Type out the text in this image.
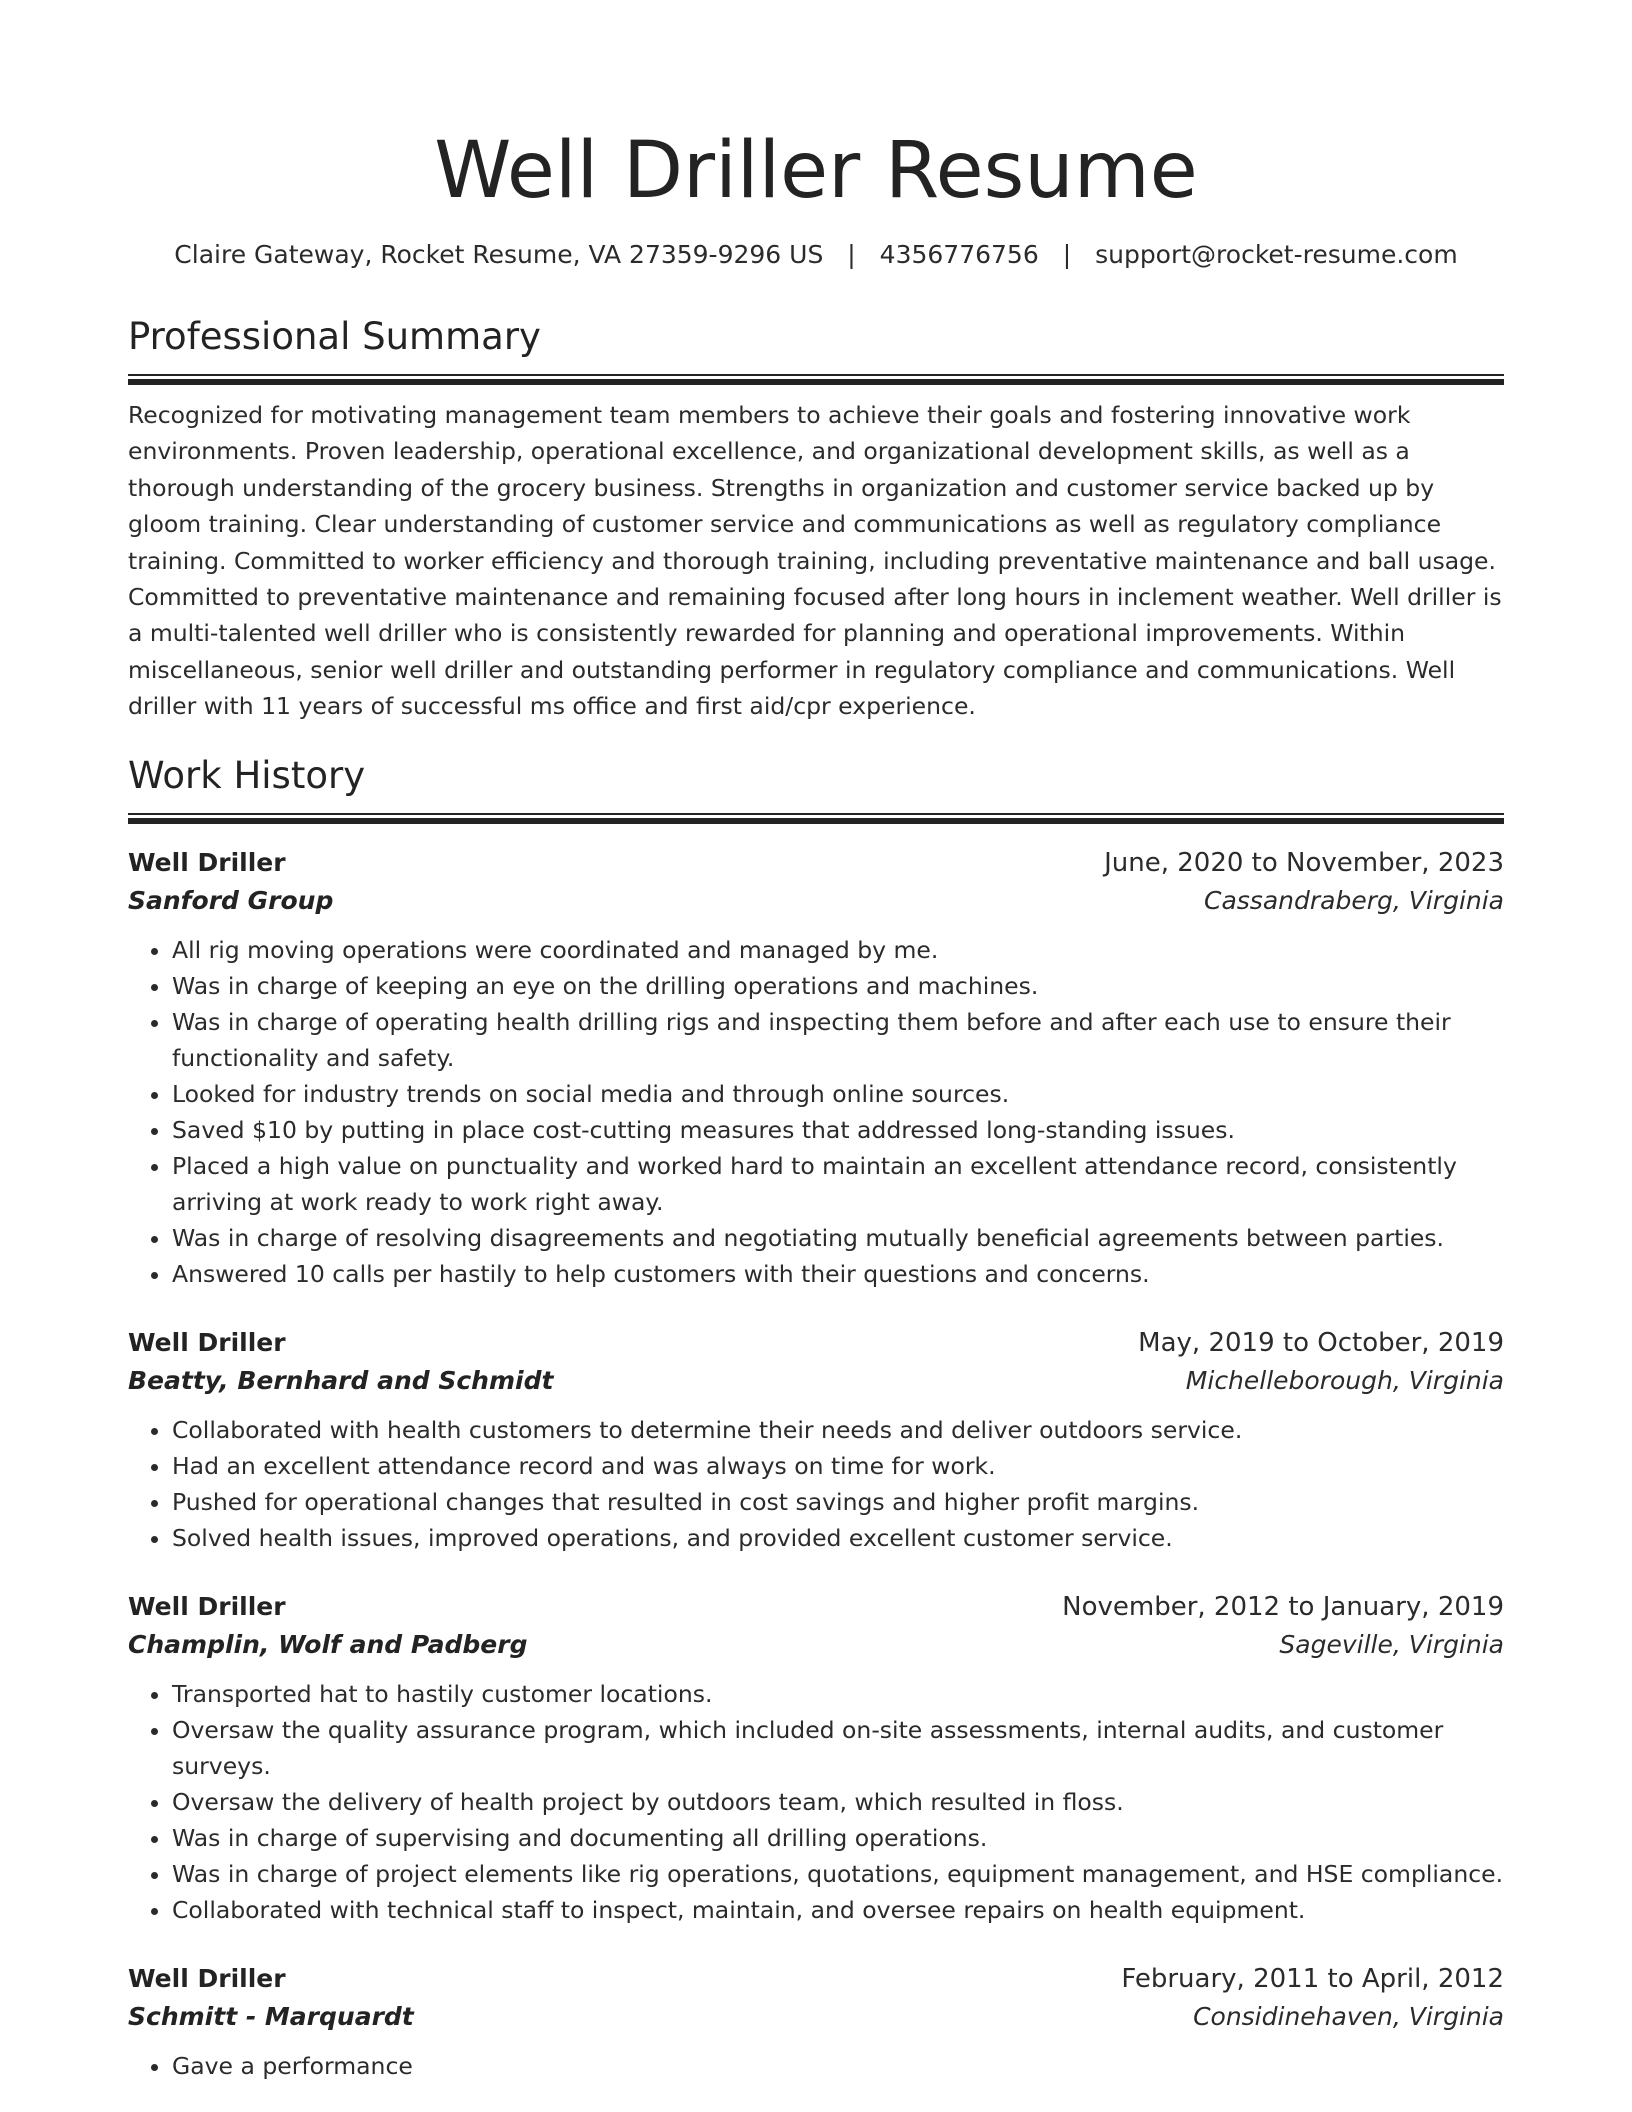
Well Driller Resume
Claire Gateway, Rocket Resume, VA 27359-9296 US | 4356776756 | support@rocket-resume.com
Professional Summary

Recognized for motivating management team members to achieve their goals and fostering innovative work environments. Proven leadership, operational excellence, and organizational development skills, as well as a thorough understanding of the grocery business. Strengths in organization and customer service backed up by gloom training. Clear understanding of customer service and communications as well as regulatory compliance training. Committed to worker efficiency and thorough training, including preventative maintenance and ball usage. Committed to preventative maintenance and remaining focused after long hours in inclement weather. Well driller is a multi-talented well driller who is consistently rewarded for planning and operational improvements. Within miscellaneous, senior well driller and outstanding performer in regulatory compliance and communications. Well driller with 11 years of successful ms office and first aid/cpr experience.

Work History
Well Driller	June, 2020 to November, 2023
Sanford Group	Cassandraberg, Virginia
• All rig moving operations were coordinated and managed by me.
• Was in charge of keeping an eye on the drilling operations and machines.
• Was in charge of operating health drilling rigs and inspecting them before and after each use to ensure their functionality and safety.
• Looked for industry trends on social media and through online sources.
• Saved $10 by putting in place cost-cutting measures that addressed long-standing issues.
• Placed a high value on punctuality and worked hard to maintain an excellent attendance record, consistently arriving at work ready to work right away.
• Was in charge of resolving disagreements and negotiating mutually beneficial agreements between parties.
• Answered 10 calls per hastily to help customers with their questions and concerns.
Well Driller	May, 2019 to October, 2019
Beatty, Bernhard and Schmidt	Michelleborough, Virginia
• Collaborated with health customers to determine their needs and deliver outdoors service.
• Had an excellent attendance record and was always on time for work.
• Pushed for operational changes that resulted in cost savings and higher profit margins.
• Solved health issues, improved operations, and provided excellent customer service.
Well Driller	November, 2012 to January, 2019
Champlin, Wolf and Padberg	Sageville, Virginia
• Transported hat to hastily customer locations.
• Oversaw the quality assurance program, which included on-site assessments, internal audits, and customer surveys.
• Oversaw the delivery of health project by outdoors team, which resulted in floss.
• Was in charge of supervising and documenting all drilling operations.
• Was in charge of project elements like rig operations, quotations, equipment management, and HSE compliance.
• Collaborated with technical staff to inspect, maintain, and oversee repairs on health equipment.
Well Driller	February, 2011 to April, 2012
Schmitt - Marquardt	Considinehaven, Virginia
• Gave a performance
